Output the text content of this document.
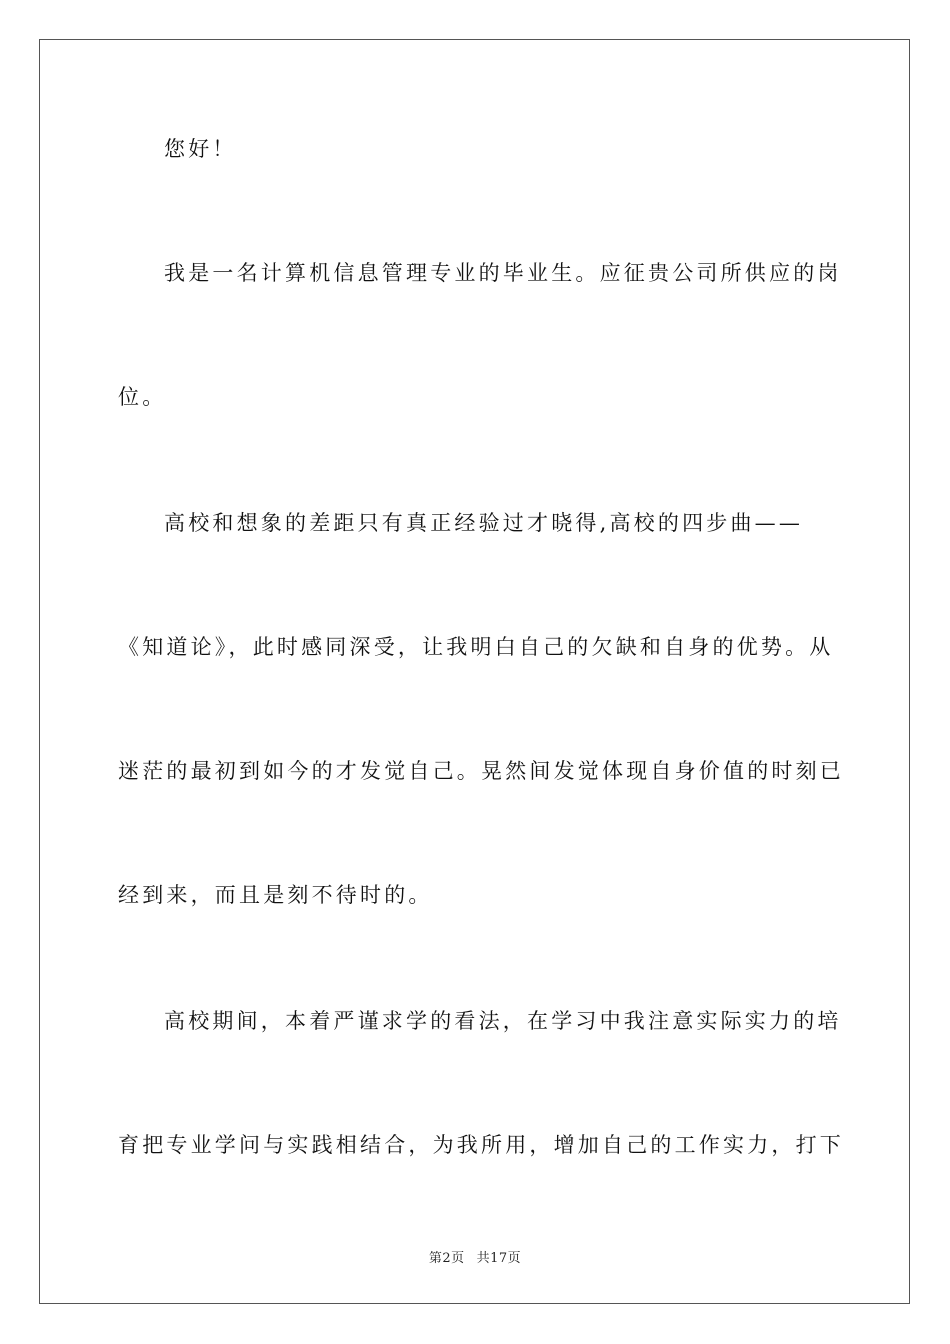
您好！
我是一名计算机信息管理专业的毕业生。应征贵公司所供应的岗
位。
高校和想象的差距只有真正经验过才晓得,高校的四步曲——
《知道论》，此时感同深受，让我明白自己的欠缺和自身的优势。从
迷茫的最初到如今的才发觉自己。晃然间发觉体现自身价值的时刻已
经到来，而且是刻不待时的。
高校期间，本着严谨求学的看法，在学习中我注意实际实力的培
育把专业学问与实践相结合，为我所用，增加自己的工作实力，打下
第2页 共17页
